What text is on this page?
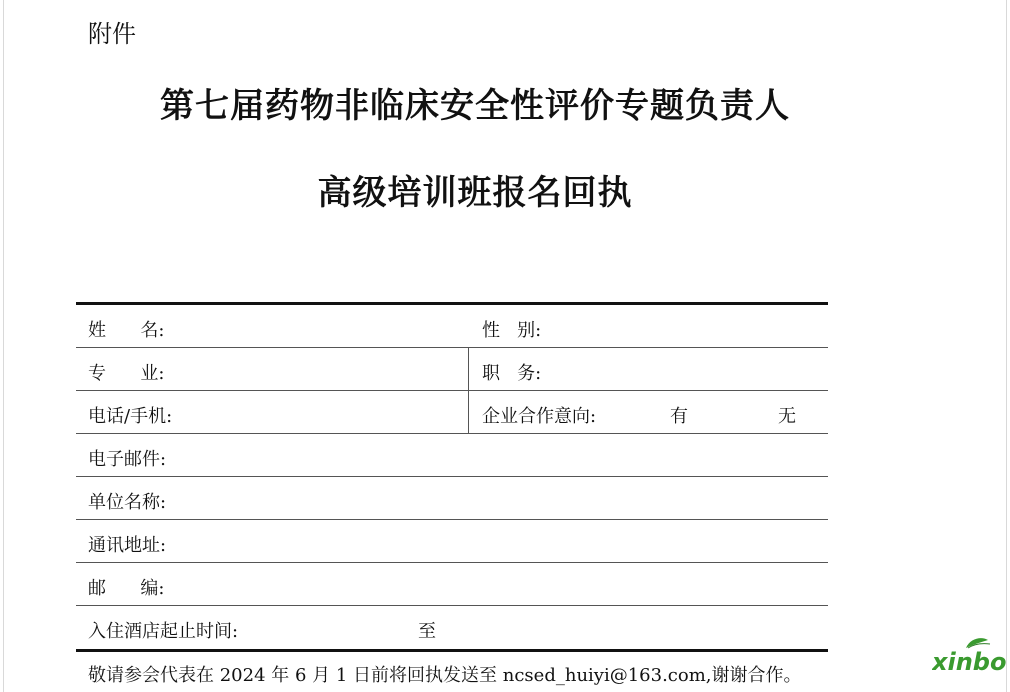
附件
第七届药物非临床安全性评价专题负责人
高级培训班报名回执
姓      名:	性   别:
专      业:	职   务:
电话/手机:	企业合作意向:	有	无
电子邮件:
单位名称:
通讯地址:
邮      编:
入住酒店起止时间:	至
敬请参会代表在 2024 年 6 月 1 日前将回执发送至 ncsed_huiyi@163.com,谢谢合作。	xinbo
